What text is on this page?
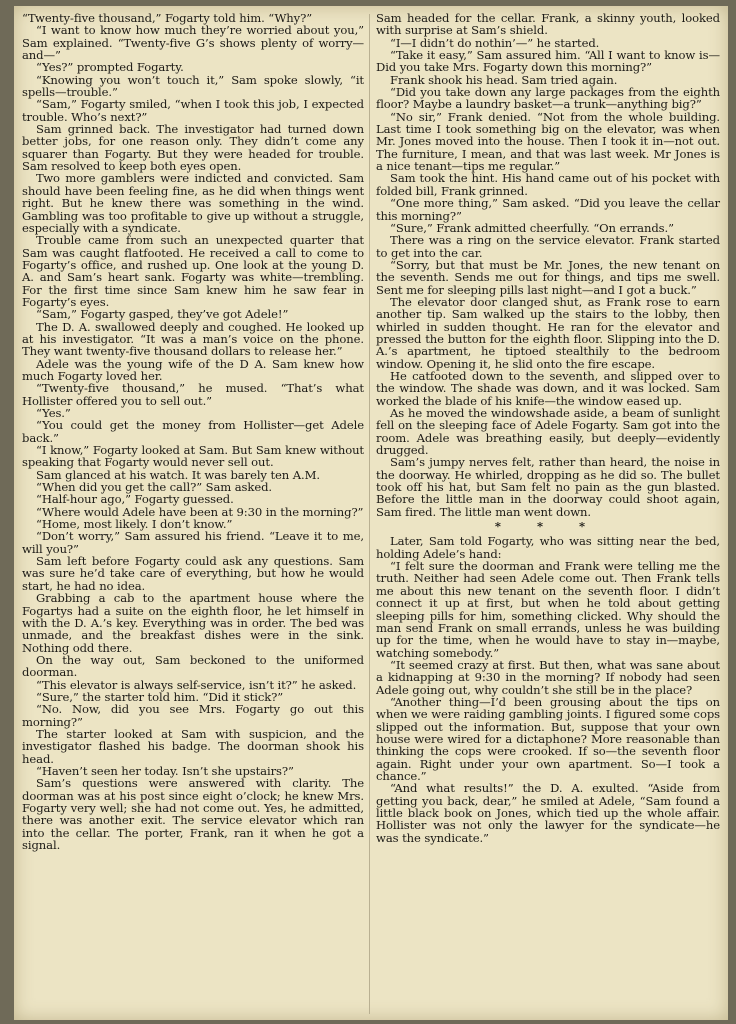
“Twenty-five thousand,” Fogarty told him. “Why?”

“I want to know how much they’re worried about you,” Sam explained. “Twenty-five G’s shows plenty of worry—and—”

“Yes?” prompted Fogarty.

“Knowing you won’t touch it,” Sam spoke slowly, “it spells—trouble.”

“Sam,” Fogarty smiled, “when I took this job, I expected trouble. Who’s next?”

Sam grinned back. The investigator had turned down better jobs, for one reason only. They didn’t come any squarer than Fogarty. But they were headed for trouble. Sam resolved to keep both eyes open.

Two more gamblers were indicted and convicted. Sam should have been feeling fine, as he did when things went right. But he knew there was something in the wind. Gambling was too profitable to give up without a struggle, especially with a syndicate.

Trouble came from such an unexpected quarter that Sam was caught flatfooted. He received a call to come to Fogarty’s office, and rushed up. One look at the young D. A. and Sam’s heart sank. Fogarty was white—trembling. For the first time since Sam knew him he saw fear in Fogarty’s eyes.

“Sam,” Fogarty gasped, they’ve got Adele!”

The D. A. swallowed deeply and coughed. He looked up at his investigator. “It was a man’s voice on the phone. They want twenty-five thousand dollars to release her.”

Adele was the young wife of the D A. Sam knew how much Fogarty loved her.

“Twenty-five thousand,” he mused. “That’s what Hollister offered you to sell out.”

“Yes.”

“You could get the money from Hollister—get Adele back.”

“I know,” Fogarty looked at Sam. But Sam knew without speaking that Fogarty would never sell out.

Sam glanced at his watch. It was barely ten A.M.

“When did you get the call?” Sam asked.

“Half-hour ago,” Fogarty guessed.

“Where would Adele have been at 9:30 in the morning?”

“Home, most likely. I don’t know.”

“Don’t worry,” Sam assured his friend. “Leave it to me, will you?”

Sam left before Fogarty could ask any questions. Sam was sure he’d take care of everything, but how he would start, he had no idea.

Grabbing a cab to the apartment house where the Fogartys had a suite on the eighth floor, he let himself in with the D. A.’s key. Everything was in order. The bed was unmade, and the breakfast dishes were in the sink. Nothing odd there.

On the way out, Sam beckoned to the uniformed doorman.

“This elevator is always self-service, isn’t it?” he asked.

“Sure,” the starter told him. “Did it stick?”

“No. Now, did you see Mrs. Fogarty go out this morning?”

The starter looked at Sam with suspicion, and the investigator flashed his badge. The doorman shook his head.

“Haven’t seen her today. Isn’t she upstairs?”

Sam’s questions were answered with clarity. The doorman was at his post since eight o’clock; he knew Mrs. Fogarty very well; she had not come out. Yes, he admitted, there was another exit. The service elevator which ran into the cellar. The porter, Frank, ran it when he got a signal.

Sam headed for the cellar. Frank, a skinny youth, looked with surprise at Sam’s shield.

“I—I didn’t do nothin’—” he started.

“Take it easy,” Sam assured him. “All I want to know is—Did you take Mrs. Fogarty down this morning?”

Frank shook his head. Sam tried again.

“Did you take down any large packages from the eighth floor? Maybe a laundry basket—a trunk—anything big?”

“No sir,” Frank denied. “Not from the whole building. Last time I took something big on the elevator, was when Mr. Jones moved into the house. Then I took it in—not out. The furniture, I mean, and that was last week. Mr Jones is a nice tenant—tips me regular.”

Sam took the hint. His hand came out of his pocket with folded bill, Frank grinned.

“One more thing,” Sam asked. “Did you leave the cellar this morning?”

“Sure,” Frank admitted cheerfully. “On errands.”

There was a ring on the service elevator. Frank started to get into the car.

“Sorry, but that must be Mr. Jones, the new tenant on the seventh. Sends me out for things, and tips me swell. Sent me for sleeping pills last night—and I got a buck.”

The elevator door clanged shut, as Frank rose to earn another tip. Sam walked up the stairs to the lobby, then whirled in sudden thought. He ran for the elevator and pressed the button for the eighth floor. Slipping into the D. A.’s apartment, he tiptoed stealthily to the bedroom window. Opening it, he slid onto the fire escape.

He catfooted down to the seventh, and slipped over to the window. The shade was down, and it was locked. Sam worked the blade of his knife—the window eased up.

As he moved the windowshade aside, a beam of sunlight fell on the sleeping face of Adele Fogarty. Sam got into the room. Adele was breathing easily, but deeply—evidently drugged.

Sam’s jumpy nerves felt, rather than heard, the noise in the doorway. He whirled, dropping as he did so. The bullet took off his hat, but Sam felt no pain as the gun blasted. Before the little man in the doorway could shoot again, Sam fired. The little man went down.

* * *

Later, Sam told Fogarty, who was sitting near the bed, holding Adele’s hand:

“I felt sure the doorman and Frank were telling me the truth. Neither had seen Adele come out. Then Frank tells me about this new tenant on the seventh floor. I didn’t connect it up at first, but when he told about getting sleeping pills for him, something clicked. Why should the man send Frank on small errands, unless he was building up for the time, when he would have to stay in—maybe, watching somebody.”

“It seemed crazy at first. But then, what was sane about a kidnapping at 9:30 in the morning? If nobody had seen Adele going out, why couldn’t she still be in the place?

“Another thing—I’d been grousing about the tips on when we were raiding gambling joints. I figured some cops slipped out the information. But, suppose that your own house were wired for a dictaphone? More reasonable than thinking the cops were crooked. If so—the seventh floor again. Right under your own apartment. So—I took a chance.”

“And what results!” the D. A. exulted. “Aside from getting you back, dear,” he smiled at Adele, “Sam found a little black book on Jones, which tied up the whole affair. Hollister was not only the lawyer for the syndicate—he was the syndicate.”
